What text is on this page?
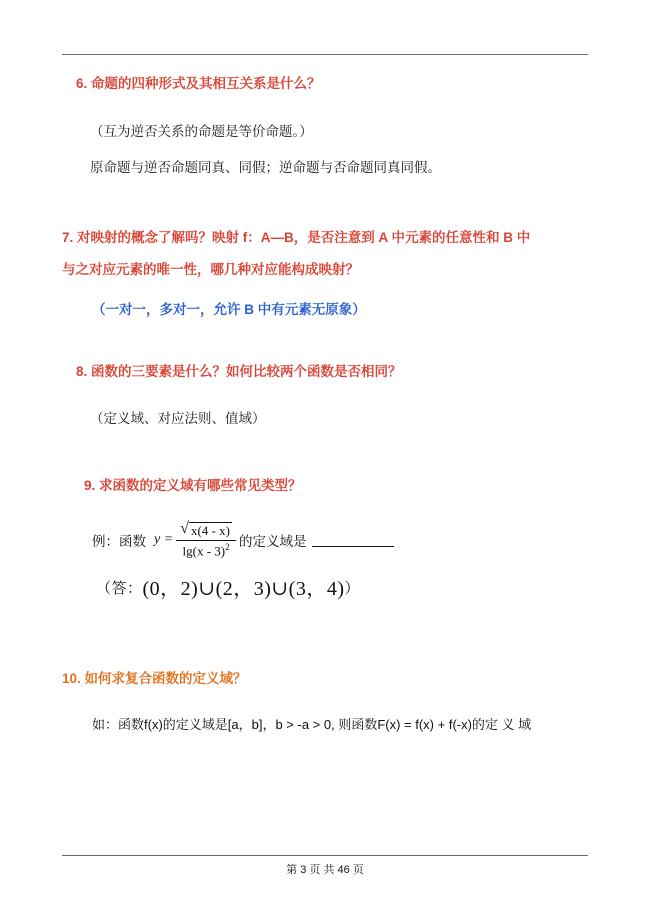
6. 命题的四种形式及其相互关系是什么？
（互为逆否关系的命题是等价命题。）
原命题与逆否命题同真、同假；逆命题与否命题同真同假。
7. 对映射的概念了解吗？映射 f：A—B，是否注意到 A 中元素的任意性和 B 中
与之对应元素的唯一性，哪几种对应能构成映射？
（一对一，多对一，允许 B 中有元素无原象）
8. 函数的三要素是什么？如何比较两个函数是否相同？
（定义域、对应法则、值域）
9. 求函数的定义域有哪些常见类型？
例：函数 $y = \frac{√ x(4 - x)}{\lg(x - 3)^2}$ 的定义域是
（答：(0，2)∪(2，3)∪(3，4)）
10. 如何求复合函数的定义域？
如：函数f(x)的定义域是[a，b]，b > -a > 0, 则函数F(x) = f(x) + f(-x)的定 义 域
第 3 页 共 46 页
